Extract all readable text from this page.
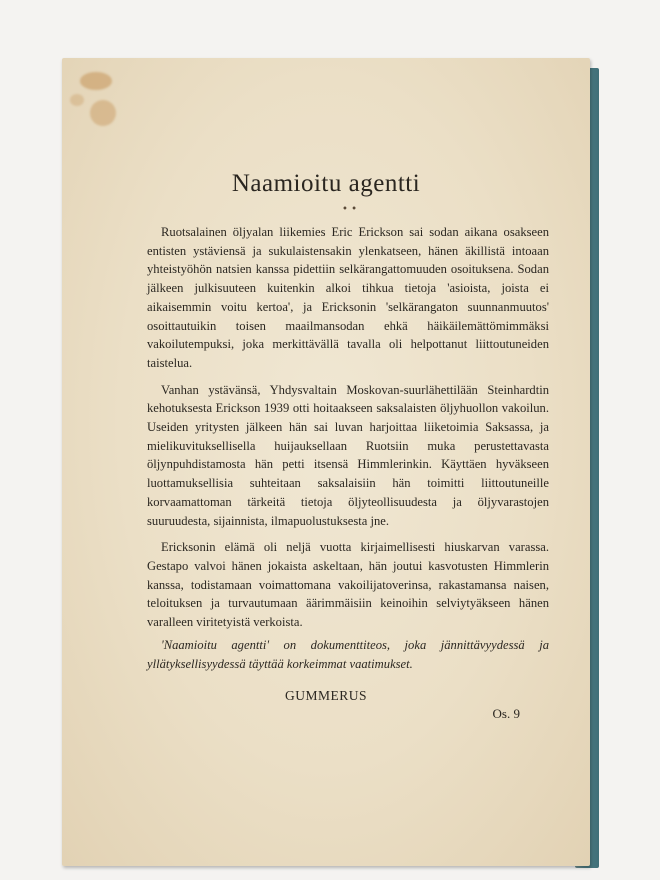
Naamioitu agentti
• •

Ruotsalainen öljyalan liikemies Eric Erickson sai sodan aikana osakseen entisten ystäviensä ja sukulaistensakin ylenkatseen, hänen äkillistä intoaan yhteistyöhön natsien kanssa pidettiin selkärangattomuuden osoituksena. Sodan jälkeen julkisuuteen kuitenkin alkoi tihkua tietoja 'asioista, joista ei aikaisemmin voitu kertoa', ja Ericksonin 'selkärangaton suunnanmuutos' osoittautuikin toisen maailmansodan ehkä häikäilemättömimmäksi vakoilutempuksi, joka merkittävällä tavalla oli helpottanut liittoutuneiden taistelua.

Vanhan ystävänsä, Yhdysvaltain Moskovan-suurlähettilään Steinhardtin kehotuksesta Erickson 1939 otti hoitaakseen saksalaisten öljyhuollon vakoilun. Useiden yritysten jälkeen hän sai luvan harjoittaa liiketoimia Saksassa, ja mielikuvituksellisella huijauksellaan Ruotsiin muka perustettavasta öljynpuhdistamosta hän petti itsensä Himmlerinkin. Käyttäen hyväkseen luottamuksellisia suhteitaan saksalaisiin hän toimitti liittoutuneille korvaamattoman tärkeitä tietoja öljyteollisuudesta ja öljyvarastojen suuruudesta, sijainnista, ilmapuolustuksesta jne.

Ericksonin elämä oli neljä vuotta kirjaimellisesti hiuskarvan varassa. Gestapo valvoi hänen jokaista askeltaan, hän joutui kasvotusten Himmlerin kanssa, todistamaan voimattomana vakoilijatoverinsa, rakastamansa naisen, teloituksen ja turvautumaan äärimmäisiin keinoihin selviytyäkseen hänen varalleen viritetyistä verkoista.

'Naamioitu agentti' on dokumenttiteos, joka jännittävyydessä ja yllätyksellisyydessä täyttää korkeimmat vaatimukset.
GUMMERUS
Os. 9
